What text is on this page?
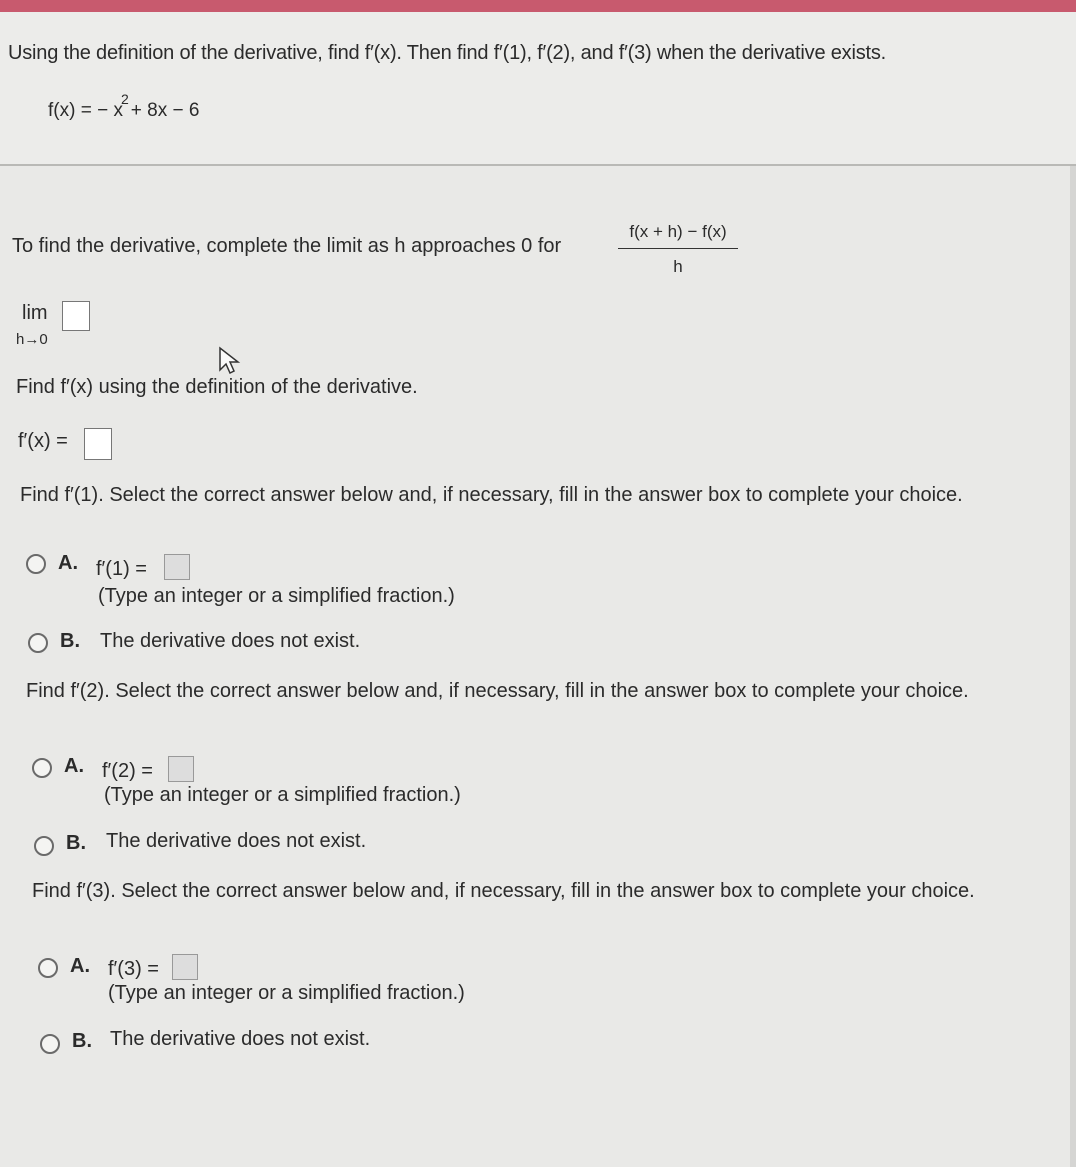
Using the definition of the derivative, find f′(x). Then find f′(1), f′(2), and f′(3) when the derivative exists.
f(x) = − $x^2+ 8x - 6$
To find the derivative, complete the limit as h approaches 0 for	$\frac{f(x + h) - f(x)}{h}$
lim
h→0
Find f′(x) using the definition of the derivative.
f′(x) =
Find f′(1). Select the correct answer below and, if necessary, fill in the answer box to complete your choice.
A. f′(1) =
(Type an integer or a simplified fraction.)
B. The derivative does not exist.
Find f′(2). Select the correct answer below and, if necessary, fill in the answer box to complete your choice.
A. f′(2) =
(Type an integer or a simplified fraction.)
B. The derivative does not exist.
Find f′(3). Select the correct answer below and, if necessary, fill in the answer box to complete your choice.
A. f′(3) =
(Type an integer or a simplified fraction.)
B. The derivative does not exist.
